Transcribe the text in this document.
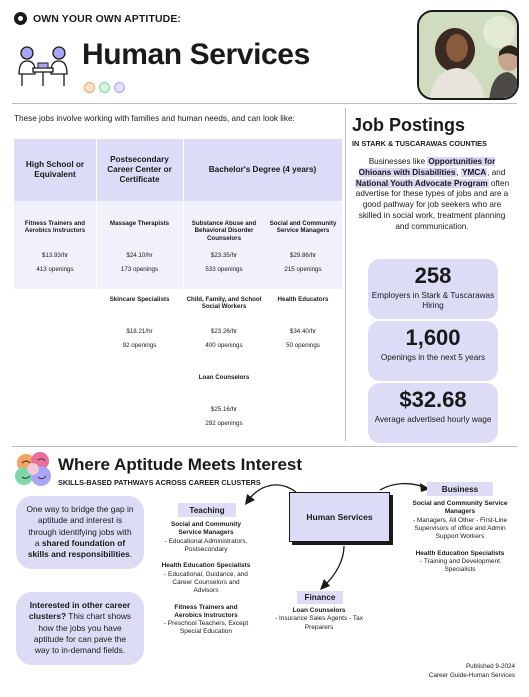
OWN YOUR OWN APTITUDE:
Human Services

These jobs involve working with families and human needs, and can look like:

High School or Equivalent
Postsecondary Career Center or Certificate
Bachelor's Degree (4 years)
Fitness Trainers and Aerobics Instructors
$13.93/hr
413 openings
Massage Therapists
$24.10/hr
173 openings
Substance Abuse and Behavioral Disorder Counselors
$23.35/hr
533 openings
Social and Community Service Managers
$29.86/hr
215 openings
Skincare Specialists
$18.21/hr
92 openings
Child, Family, and School Social Workers
$23.26/hr
400 openings
Health Educators
$34.40/hr
50 openings
Loan Counselors
$25.16/hr
282 openings
Job Postings
IN STARK & TUSCARAWAS COUNTIES

Businesses like Opportunities for Ohioans with Disabilities, YMCA, and National Youth Advocate Program often advertise for these types of jobs and are a good pathway for job seekers who are skilled in social work, treatment planning and communication.

258
Employers in Stark & Tuscarawas Hiring
1,600
Openings in the next 5 years
$32.68
Average advertised hourly wage
Where Aptitude Meets Interest
SKILLS-BASED PATHWAYS ACROSS CAREER CLUSTERS
One way to bridge the gap in aptitude and interest is through identifying jobs with a shared foundation of skills and responsibilities.
Interested in other career clusters? This chart shows how the jobs you have aptitude for can pave the way to in-demand fields.
Human Services
Teaching
Social and Community Service Managers
- Educational Administrators, Postsecondary
Health Education Specialists
- Educational, Guidance, and Career Counselors and Advisors
Fitness Trainers and Aerobics Instructors
- Preschool Teachers, Except Special Education
Business
Social and Community Service Managers
- Managers, All Other - First-Line Supervisors of office and Admin Support Workers
Health Education Specialists
- Training and Development Specialists
Finance
Loan Counselors
- Insurance Sales Agents - Tax Preparers
Published 9-2024
Career Guide-Human Services
